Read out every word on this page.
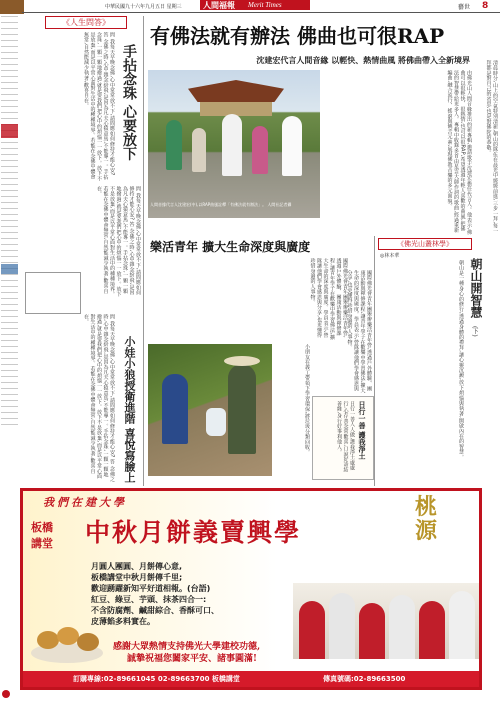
人間福報 Merit Times
中華民國九十六年九月五日 星期三	藝世 8
《人生問答》
手拈念珠 心要放下
問 我每天早晚念佛,心中常常放不下,請問應如何修持才能心安? 答 念佛之時,心中雜念紛飛,是因為凡夫心猿意馬,不能專一。手拈念珠,一顆一顆地撥過,就是要我們把心中的煩惱一一放下。放下不是放棄,而是以平常心面對生活中的種種境界。若能在念佛中體會無常,自然能減少執著,歡喜自在。
問 我每天早晚念佛,心中常常放不下,請問應如何修持才能心安? 答 念佛之時,心中雜念紛飛,是因為凡夫心猿意馬,不能專一。手拈念珠,一顆一顆地撥過,就是要我們把心中的煩惱一一放下。放下不是放棄,而是以平常心面對生活中的種種境界。若能在念佛中體會無常,自然能減少執著,歡喜自在。
問 我每天早晚念佛,心中常常放不下,請問應如何修持才能心安? 答 念佛之時,心中雜念紛飛,是因為凡夫心猿意馬,不能專一。手拈念珠,一顆一顆地撥過,就是要我們把心中的煩惱一一放下。放下不是放棄,而是以平常心面對生活中的種種境界。若能在念佛中體會無常,自然能減少執著,歡喜自在。
小娃小狼授衛進階 喜悅寫臉上
有佛法就有辦法 佛曲也可很RAP
沈建宏代言人間音緣 以輕快、熱情曲風 將佛曲帶入全新境界
人間音緣代言人沈建宏(中),以RAP曲風詮釋「有佛法就有辦法」。 人間社記者攝	由佛光山人間音緣推出的新專輯,邀請歌手沈建宏擔任代言人。他表示,佛曲可以很輕快、很熱情,也可以很RAP,希望透過年輕人喜歡的曲風,把佛法的智慧帶給更多人。專輯中收錄多首由星雲大師作詞的歌曲,經過重新編曲,融合流行、搖滾與饒舌元素,展現佛教音樂的多元面貌。
樂活青年 擴大生命深度與廣度
國際佛光會青年團舉辦樂活青年營,透過戶外體驗、團康活動與禪修課程,讓青年學子在歡樂中學習佛法,擴大生命的深度與廣度。學員表示,營隊讓他們學會感恩與分享,也更懂得珍惜身邊的人事物。
小朋友在義工帶領下學習環保,將垃圾分類回收。	日行一善 護我淨土
日行一善人人做,護我淨土處處行,心存善念常歡喜,口說好話結善緣,身行好事利他人。
國際佛光會青年團舉辦樂活青年營,透過戶外體驗、團康活動與禪修課程,讓青年學子在歡樂中學習佛法,擴大生命的深度與廣度。學員表示,營隊讓他們學會感恩與分享,也更懂得珍惜身邊的人事物。
清晨時分,山上的空氣特別清新,朝山的隊伍在晨光中緩緩前進,三步一拜,每一拜都是對自己的省思,也是對佛陀的恭敬。
《佛光山叢林學》
◎林本華
朝山開智慧
(下)
朝山是一種身心的修行,透過身體的禮拜,讓心靈沉澱,放下煩惱與執著,開啟內在的智慧。
我們在建大學
板橋
講堂	中秋月餅義賣興學
桃源
月圓人團圓、月餅傳心意,
板橋講堂中秋月餅傳千里;
歡迎踴躍新知平好道相報。(台語)
紅豆、綠豆、芋頭、抹茶四合一:
不含防腐劑、鹹甜綜合、香酥可口、
皮薄餡多料實在。
感謝大眾熱情支持佛光大學建校功德,
誠摯祝福您闔家平安、諸事圓滿!
訂購專線:02-89661045 02-89663700 板橋講堂	傳真號碼:02-89663500
